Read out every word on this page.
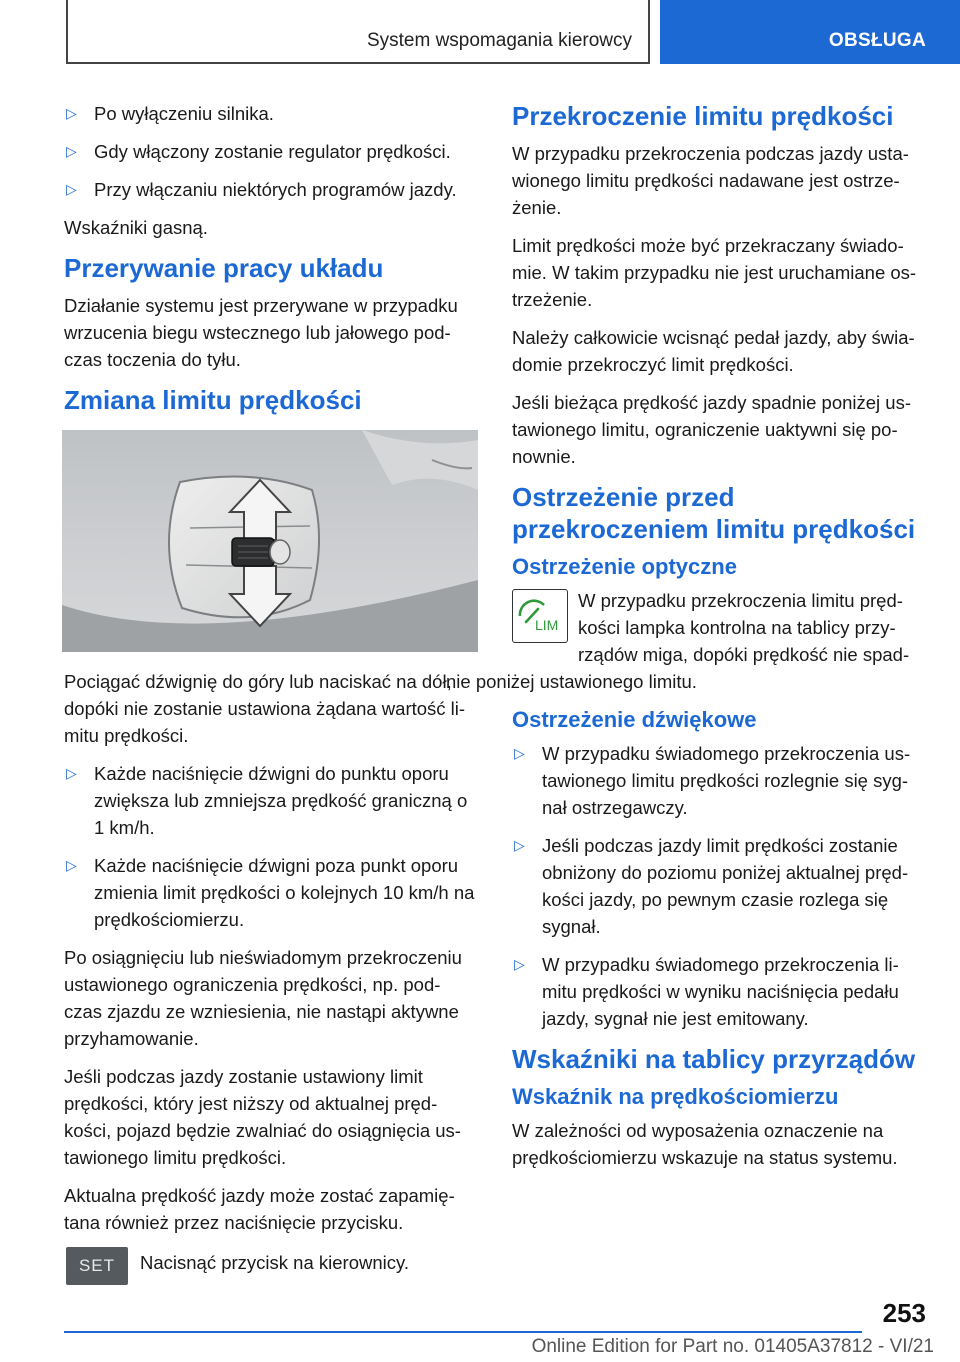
System wspomagania kierowcy	OBSŁUGA
▷ Po wyłączeniu silnika.
▷ Gdy włączony zostanie regulator prędkości.
▷ Przy włączaniu niektórych programów jazdy.

Wskaźniki gasną.

Przerywanie pracy układu

Działanie systemu jest przerywane w przypadku wrzucenia biegu wstecznego lub jałowego pod-czas toczenia do tyłu.

Zmiana limitu prędkości

Pociągać dźwignię do góry lub naciskać na dół, dopóki nie zostanie ustawiona żądana wartość li-mitu prędkości.

▷ Każde naciśnięcie dźwigni do punktu oporu zwiększa lub zmniejsza prędkość graniczną o 1 km/h.
▷ Każde naciśnięcie dźwigni poza punkt oporu zmienia limit prędkości o kolejnych 10 km/h na prędkościomierzu.

Po osiągnięciu lub nieświadomym przekroczeniu ustawionego ograniczenia prędkości, np. pod-czas zjazdu ze wzniesienia, nie nastąpi aktywne przyhamowanie.

Jeśli podczas jazdy zostanie ustawiony limit prędkości, który jest niższy od aktualnej pręd-kości, pojazd będzie zwalniać do osiągnięcia us-tawionego limitu prędkości.

Aktualna prędkość jazdy może zostać zapamię-tana również przez naciśnięcie przycisku.

SET	Nacisnąć przycisk na kierownicy.

Przekroczenie limitu prędkości

W przypadku przekroczenia podczas jazdy usta-wionego limitu prędkości nadawane jest ostrze-żenie.

Limit prędkości może być przekraczany świado-mie. W takim przypadku nie jest uruchamiane os-trzeżenie.

Należy całkowicie wcisnąć pedał jazdy, aby świa-domie przekroczyć limit prędkości.

Jeśli bieżąca prędkość jazdy spadnie poniżej us-tawionego limitu, ograniczenie uaktywni się po-nownie.

Ostrzeżenie przed przekroczeniem limitu prędkości
Ostrzeżenie optyczne
LIM

W przypadku przekroczenia limitu pręd-kości lampka kontrolna na tablicy przy-rządów miga, dopóki prędkość nie spad-

nie poniżej ustawionego limitu.

Ostrzeżenie dźwiękowe
▷ W przypadku świadomego przekroczenia us-tawionego limitu prędkości rozlegnie się syg-nał ostrzegawczy.
▷ Jeśli podczas jazdy limit prędkości zostanie obniżony do poziomu poniżej aktualnej pręd-kości jazdy, po pewnym czasie rozlega się sygnał.
▷ W przypadku świadomego przekroczenia li-mitu prędkości w wyniku naciśnięcia pedału jazdy, sygnał nie jest emitowany.
Wskaźniki na tablicy przyrządów
Wskaźnik na prędkościomierzu

W zależności od wyposażenia oznaczenie na prędkościomierzu wskazuje na status systemu.

253
Online Edition for Part no. 01405A37812 - VI/21
